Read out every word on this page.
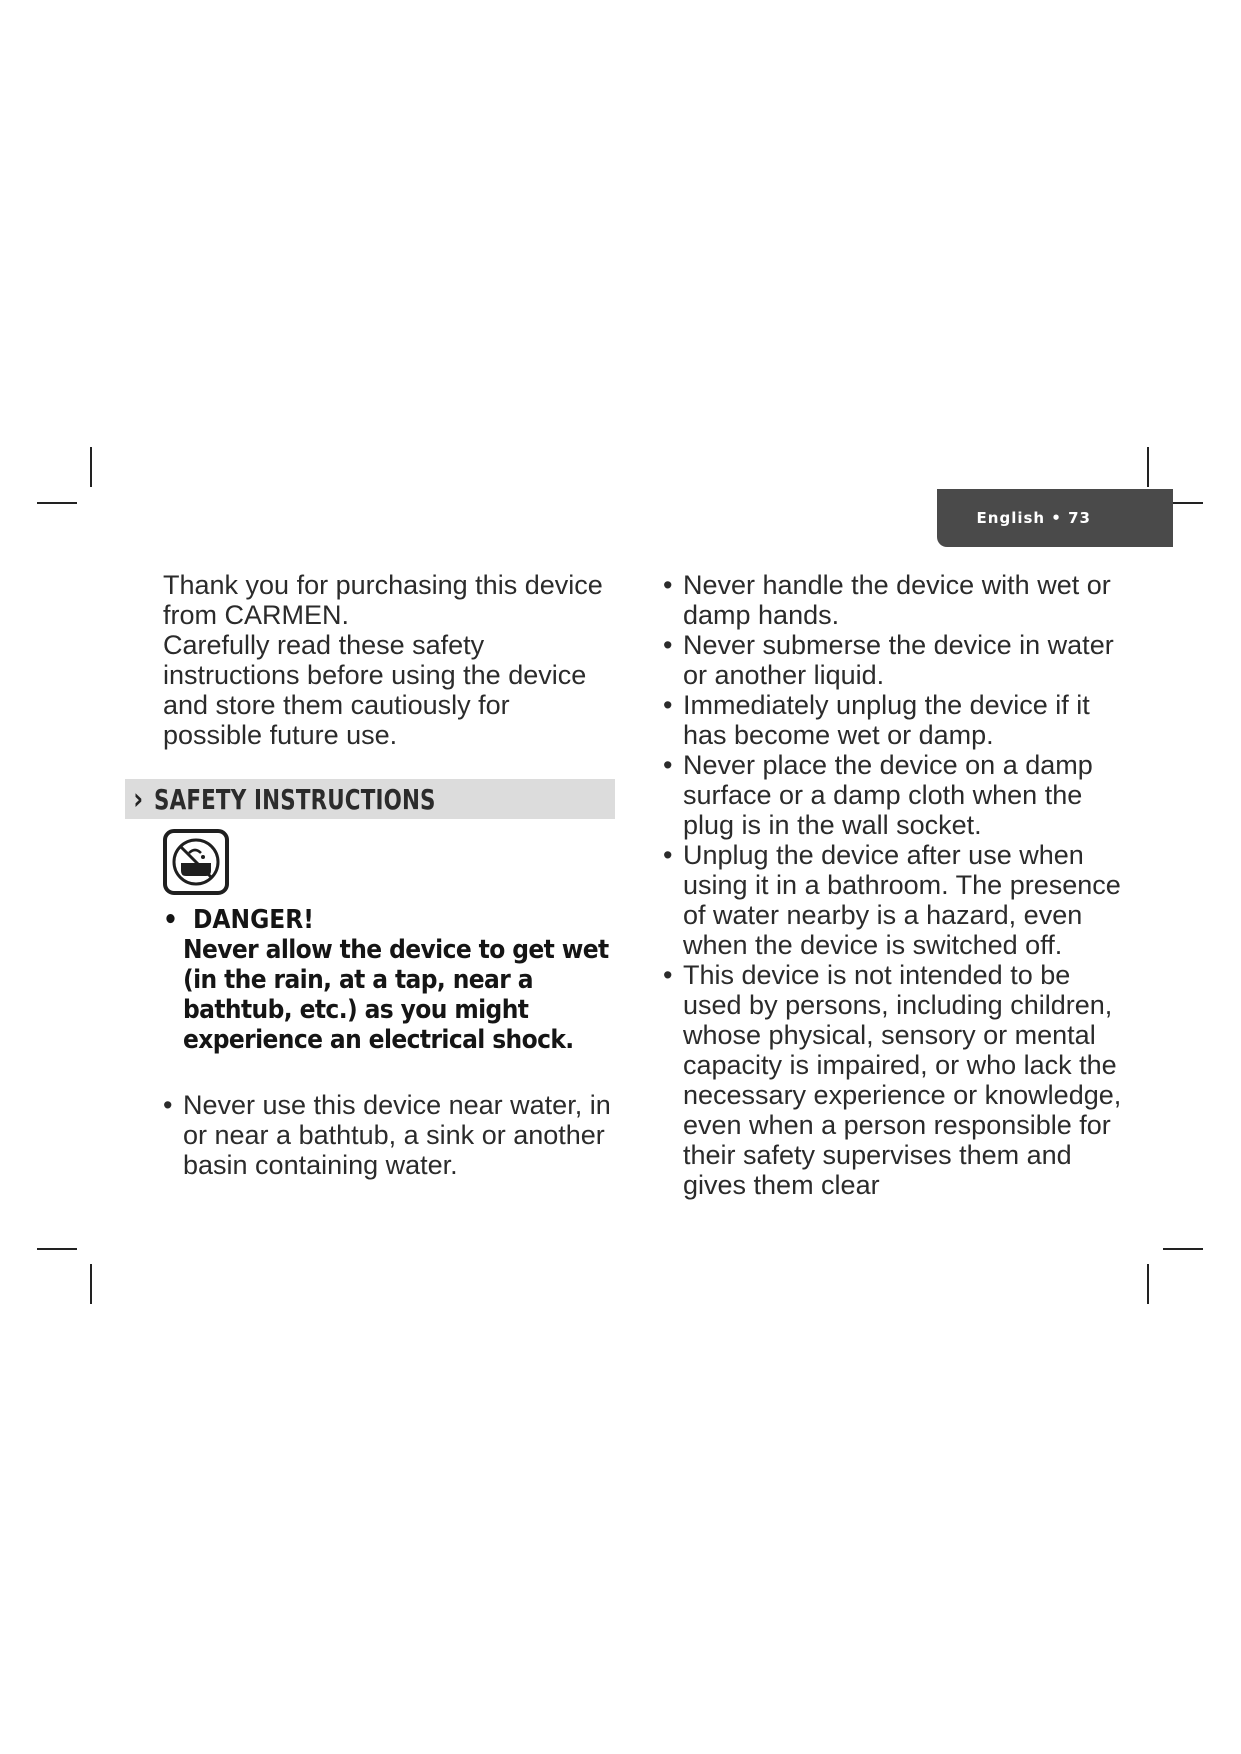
English • 73

Thank you for purchasing this device from CARMEN.

Carefully read these safety instructions before using the device and store them cautiously for possible future use.

› SAFETY INSTRUCTIONS
• DANGER!
Never allow the device to get wet (in the rain, at a tap, near a bathtub, etc.) as you might experience an electrical shock.
• Never use this device near water, in or near a bathtub, a sink or another basin containing water.
• Never handle the device with wet or damp hands.
• Never submerse the device in water or another liquid.
• Immediately unplug the device if it has become wet or damp.
• Never place the device on a damp surface or a damp cloth when the plug is in the wall socket.
• Unplug the device after use when using it in a bathroom. The presence of water nearby is a hazard, even when the device is switched off.
• This device is not intended to be used by persons, including children, whose physical, sensory or mental capacity is impaired, or who lack the necessary experience or knowledge, even when a person responsible for their safety supervises them and gives them clear
